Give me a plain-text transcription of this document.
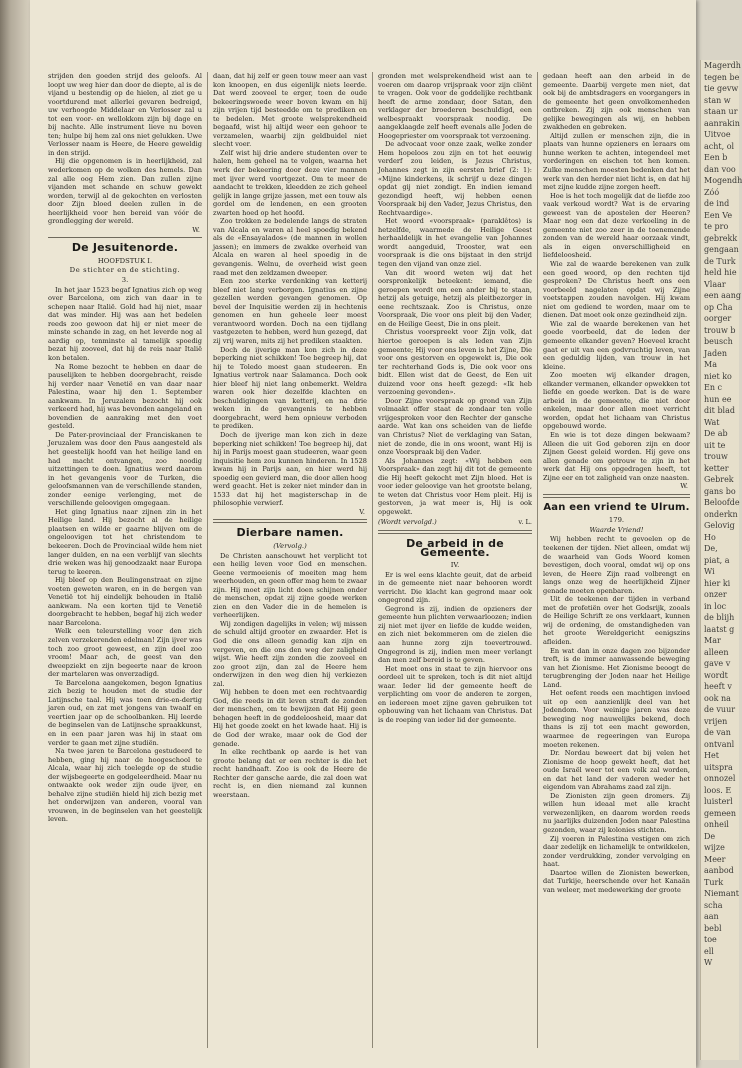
Magerdh
tegen be
tie gevw
stan w
staan ur
aanrakin
Uitvoe
acht, ol
Een b
dan voo
Mogendh
Zóó
de ind
Een Ve
te pro
gebrekk
gengaan
de Turk
held hie
Vlaar
een aang
op Cha
oorger
trouw b
beusch
Jaden
Ma
niet ko
En c
hun ee
dit blad
Wat
De ab
uit te
trouw
ketter
Gebrek
gans bo
Beloofde
onderkn
Gelovig
Ho
De,
piat, a
Wi
hier ki
onzer
in loc
de blijh
laatst g
Mar
alleen
gave v
wordt
heeft v
ook na
de vuur
vrijen
de van
ontvanl
Het
uitspra
onnozel
loos. E
luisterl
gemeen
onheil
De
wijze
Meer
aanbod
Turk
Niemant
scha
aan
bebl
toe
ell
W

strijden den goeden strijd des geloofs. Al loopt uw weg hier dan door de diepte, al is de vijand u bestendig op de hielen, al ziet ge u voortdurend met allerlei gevaren bedreigd, uw verhoogde Middelaar en Verlosser zal u tot een voor- en wellokkom zijn bij dage en bij nachte. Alle instrument lieve nu boven ten; hulpe bij hem zal ons niet gelukken. Uwe Verlosser naam is Heere, de Heere geweldig in den strijd.

Hij die opgenomen is in heerlijkheid, zal wederkomen op de wolken des hemels. Dan zal alle oog Hem zien. Dan zullen zijne vijanden met schande en schuw gewekt worden, terwijl al de gekochten en verlosten door Zijn bloed deelen zullen in de heerlijkheid voor hen bereid van vóór de grondlegging der wereld.

W.
De Jesuitenorde.
HOOFDSTUK I.
De stichter en de stichting.
3.

In het jaar 1523 begaf Ignatius zich op weg over Barcelona, om zich van daar in te schepen naar Italië. Gold had hij niet, maar dat was minder. Hij was aan het bedelen reeds zoo gewoon dat hij er niet meer de minste schande in zag, en het leverde nog al aardig op, tenminste al tamelijk spoedig bezat hij zooveel, dat hij de reis naar Italië kon betalen.

Na Rome bezocht te hebben en daar de pauselijken te hebben doorgebracht, reisde hij verder naar Venetië en van daar naar Palestina, waar hij den 1. September aankwam. In Jeruzalem bezocht hij ook verkeerd had, hij was bevonden aangeland en bovendien de aanraking met den voet gesteld.

De Pater-provinciaal der Franciskanen te Jeruzalem was door den Paus aangesteld als het geestelijk hoofd van het heilige land en had macht ontvangen, zoo noodig uitzettingen te doen. Ignatius werd daarom in het gevangenis voor de Turken, die geloofsmannen van de verschillende standen, zonder eenige verlenging, met de verschillende geloovigen omgegaan.

Het ging Ignatius naar zijnen zin in het Heilige land. Hij bezocht al de heilige plaatsen en wilde er gaarne blijven om de ongeloovigen tot het christendom te bekeeren. Doch de Provinciaal wilde hem niet langer dulden, en na een verblijf van slechts drie weken was hij genoodzaakt naar Europa terug te keeren.

Hij bleef op den Beulingenstraat en zijne voeten geweten waren, en in de bergen van Venetië tot hij eindelijk behouden in Italië aankwam. Na een korten tijd te Venetië doorgebracht te hebben, begaf hij zich weder naar Barcelona.

Welk een teleurstelling voor den zich zelven verzekerenden edelman! Zijn ijver was toch zoo groot geweest, en zijn doel zoo vroom! Maar ach, de geest van den dweepziekt en zijn begeerte naar de kroon der martelaren was onverzadigd.

Te Barcelona aangekomen, begon Ignatius zich bezig te houden met de studie der Latijnsche taal. Hij was toen drie-en-dertig jaren oud, en zat met jongens van twaalf en veertien jaar op de schoolbanken. Hij leerde de beginselen van de Latijnsche spraakkunst, en in een paar jaren was hij in staat om verder te gaan met zijne studiën.

Na twee jaren te Barcelona gestudeerd te hebben, ging hij naar de hoogeschool te Alcala, waar hij zich toelegde op de studie der wijsbegeerte en godgeleerdheid. Maar nu ontwaakte ook weder zijn oude ijver, en behalve zijne studiën hield hij zich bezig met het onderwijzen van anderen, vooral van vrouwen, in de beginselen van het geestelijk leven.

daan, dat hij zelf er geen touw meer aan vast kon knoopen, en dus eigenlijk niets leerde. Dat werd zooveel te erger, toen de oude bekeeringswoede weer boven kwam en hij zijn vrijen tijd besteedde om te prediken en te bedelen. Met groote welsprekendheid begaafd, wist hij altijd weer een gehoor te verzamelen, waarbij zijn geldbuidel niet slecht voer.

Zelf wist hij drie andere studenten over te halen, hem geheel na te volgen, waarna het werk der bekeering door deze vier mannen met ijver werd voortgezet. Om te meer de aandacht te trekken, kleedden ze zich geheel gelijk in lange grijze jassen, met een touw als gordel om de lendenen, en een grooten zwarten hoed op het hoofd.

Zoo trokken ze bedelende langs de straten van Alcala en waren al heel spoedig bekend als de «Ensayalados» (de mannen in wollen jassen); en immers de zwakke overheid van Alcala en waren al heel spoedig in de gevangenis. Welnu, de overheid wist geen raad met den zeldzamen dweeper.

Een zoo sterke verdenking van ketterij bleef niet lang verborgen. Ignatius en zijne gezellen werden gevangen genomen. Op bevel der Inquisitie werden zij in hechtenis genomen en hun geheele leer moest verantwoord worden. Doch na een tijdlang vastgezeten te hebben, werd hun gezegd, dat zij vrij waren, mits zij het prediken staakten.

Doch de ijverige man kon zich in deze beperking niet schikken! Toe begreep hij, dat hij te Toledo moest gaan studeeren. En Ignatius vertrok naar Salamanca. Doch ook hier bleef hij niet lang onbemerkt. Weldra waren ook hier dezelfde klachten en beschuldigingen van ketterij, en na drie weken in de gevangenis te hebben doorgebracht, werd hem opnieuw verboden te prediken.

Doch de ijverige man kon zich in deze beperking niet schikken! Toe begreep hij, dat hij in Parijs moest gaan studeeren, waar geen inquisitie hem zou kunnen hinderen. In 1528 kwam hij in Parijs aan, en hier werd hij spoedig een gevierd man, die door allen hoog werd geacht. Het is zeker niet minder dan in 1533 dat hij het magisterschap in de philosophie verwierf.

V.
Dierbare namen.
(Vervolg.)

De Christen aanschouwt het verplicht tot een heilig leven voor God en menschen. Geene vermoeienis of moeiten mag hem weerhouden, en geen offer mag hem te zwaar zijn. Hij moet zijn licht doen schijnen onder de menschen, opdat zij zijne goede werken zien en den Vader die in de hemelen is verheerlijken.

Wij zondigen dagelijks in velen; wij missen de schuld altijd grooter en zwaarder. Het is God die ons alleen genadig kan zijn en vergeven, en die ons den weg der zaligheid wijst. Wie heeft zijn zonden die zooveel en zoo groot zijn, dan zal de Heere hem onderwijzen in den weg dien hij verkiezen zal.

Wij hebben te doen met een rechtvaardig God, die reeds in dit leven straft de zonden der menschen, om te bewijzen dat Hij geen behagen heeft in de goddeloosheid, maar dat Hij het goede zoekt en het kwade haat. Hij is de God der wrake, maar ook de God der genade.

In elke rechtbank op aarde is het van groote belang dat er een rechter is die het recht handhaaft. Zoo is ook de Heere de Rechter der gansche aarde, die zal doen wat recht is, en dien niemand zal kunnen weerstaan.

gronden met welsprekendheid wist aan te voeren om daarop vrijspraak voor zijn cliënt te vragen. Ook voor de goddelijke rechtbank heeft de arme zondaar, door Satan, den verklager der broederen beschuldigd, een welbespraakt voorspraak noodig. De aangeklaagde zelf heeft evenals alle Joden de Hoogepriester om voorspraak tot verzoening.

De advocaat voor onze zaak, welke zonder Hem hopeloos zou zijn en tot het eeuwig verderf zou leiden, is Jezus Christus, Johannes zegt in zijn eersten brief (2: 1): «Mijne kinderkens, ik schrijf u deze dingen opdat gij niet zondigt. En indien iemand gezondigd heeft, wij hebben eenen Voorspraak bij den Vader, Jezus Christus, den Rechtvaardige».

Het woord «voorspraak» (paraklêtos) is hetzelfde, waarmede de Heilige Geest herhaaldelijk in het evangelie van Johannes wordt aangeduid, Trooster, wat een voorspraak is die ons bijstaat in den strijd tegen den vijand van onze ziel.

Van dit woord weten wij dat het oorspronkelijk beteekent: iemand, die geroepen wordt om een ander bij te staan, hetzij als getuige, hetzij als pleitbezorger in eene rechtszaak. Zoo is Christus, onze Voorspraak, Die voor ons pleit bij den Vader, en de Heilige Geest, Die in ons pleit.

Christus voorspreekt voor Zijn volk, dat hiertoe geroepen is als leden van Zijn gemeente; Hij voor ons leven is het Zijne, Die voor ons gestorven en opgewekt is, Die ook ter rechterhand Gods is, Die ook voor ons bidt. Ellen wist dat de Geest, de Een uit duizend voor ons heeft gezegd: «Ik heb verzoening gevonden».

Door Zijne voorspraak op grond van Zijn volmaakt offer staat de zondaar ten volle vrijgesproken voor den Rechter der gansche aarde. Wat kan ons scheiden van de liefde van Christus? Niet de verklaging van Satan, niet de zonde, die in ons woont, want Hij is onze Voorspraak bij den Vader.

Als Johannes zegt: «Wij hebben een Voorspraak» dan zegt hij dit tot de gemeente die Hij heeft gekocht met Zijn bloed. Het is voor ieder geloovige van het grootste belang, te weten dat Christus voor Hem pleit. Hij is gestorven, ja wat meer is, Hij is ook opgewekt.

(Wordt vervolgd.)	v. L.
De arbeid in de Gemeente.
IV.

Er is wel eens klachte geuit, dat de arbeid in de gemeente niet naar behooren wordt verricht. Die klacht kan gegrond maar ook ongegrond zijn.

Gegrond is zij, indien de opzieners der gemeente hun plichten verwaarloozen; indien zij niet met ijver en liefde de kudde weiden, en zich niet bekommeren om de zielen die aan hunne zorg zijn toevertrouwd. Ongegrond is zij, indien men meer verlangt dan men zelf bereid is te geven.

Het moet ons in staat te zijn hiervoor ons oordeel uit te spreken, toch is dit niet altijd waar. Ieder lid der gemeente heeft de verplichting om voor de anderen te zorgen, en iedereen moet zijne gaven gebruiken tot opbouwing van het lichaam van Christus. Dat is de roeping van ieder lid der gemeente.

gedaan heeft aan den arbeid in de gemeente. Daarbij vergete men niet, dat ook bij de ambtsdragers en voorgangers in de gemeente het geen onvolkomenheden ontbreken. Zij zijn ook menschen van gelijke bewegingen als wij, en hebben zwakheden en gebreken.

Altijd zullen er menschen zijn, die in plaats van hunne opzieners en leraars om hunne werken te achten, integendeel met vorderingen en eischen tot hen komen. Zulke menschen moesten bedenken dat het werk van den herder niet licht is, en dat hij met zijne kudde zijne zorgen heeft.

Hoe is het toch mogelijk dat de liefde zoo vaak verkoud wordt? Wat is de ervaring geweest van de apostelen der Heeren? Maar nog een dat deze verkoeling in de gemeente niet zoo zeer in de toenemende zonden van de wereld haar oorzaak vindt, als in eigen onverschilligheid en liefdeloosheid.

Wie zal de waarde berekenen van zulk een goed woord, op den rechten tijd gesproken? De Christus heeft ons een voorbeeld nagelaten opdat wij Zijne voetstappen zouden navolgen. Hij kwam niet om gediend te worden, maar om te dienen. Dat moet ook onze gezindheid zijn.

Wie zal de waarde berekenen van het goede voorbeeld, dat de leden der gemeente elkander geven? Hoeveel kracht gaat er uit van een godvruchtig leven, van een geduldig lijden, van trouw in het kleine.

Zoo moeten wij elkander dragen, elkander vermanen, elkander opwekken tot liefde en goede werken. Dat is de ware arbeid in de gemeente, die niet door enkelen, maar door allen moet verricht worden, opdat het lichaam van Christus opgebouwd worde.

En wie is tot deze dingen bekwaam? Alleen die uit God geboren zijn en door Zijnen Geest geleid worden. Hij geve ons allen genade om getrouw te zijn in het werk dat Hij ons opgedragen heeft, tot Zijne eer en tot zaligheid van onze naasten.

W.
Aan een vriend te Ulrum.
179.
Waarde Vriend!

Wij hebben recht te gevoelen op de teekenen der tijden. Niet alleen, omdat wij de waarheid van Gods Woord komen bevestigen, doch vooral, omdat wij op ons leven, de Heere Zijn raad volbrengt en langs onze weg de heerlijkheid Zijner genade moeten openbaren.

Uit de teekenen der tijden in verband met de profetiën over het Godsrijk, zooals de Heilige Schrift ze ons verklaart, kunnen wij de ordening, de omstandigheden van het groote Wereldgericht eenigszins afleiden.

En wat dan in onze dagen zoo bijzonder treft, is de immer aanwassende beweging van het Zionisme. Het Zionisme beoogt de terugbrenging der Joden naar het Heilige Land.

Het oefent reeds een machtigen invloed uit op een aanzienlijk deel van het Jodendom. Voor weinige jaren was deze beweging nog nauwelijks bekend, doch thans is zij tot een macht geworden, waarmee de regeeringen van Europa moeten rekenen.

Dr. Nordau beweert dat bij velen het Zionisme de hoop gewekt heeft, dat het oude Israël weer tot een volk zal worden, en dat het land der vaderen weder het eigendom van Abrahams zaad zal zijn.

De Zionisten zijn geen dromers. Zij willen hun ideaal met alle kracht verwezenlijken, en daarom worden reeds nu jaarlijks duizenden Joden naar Palestina gezonden, waar zij kolonies stichten.

Zij voeren in Palestina vestigen om zich daar zedelijk en lichamelijk te ontwikkelen, zonder verdrukking, zonder vervolging en haat.

Daartoe willen de Zionisten bewerken, dat Turkije, heerschende over het Kanaän van weleer, met medewerking der groote
